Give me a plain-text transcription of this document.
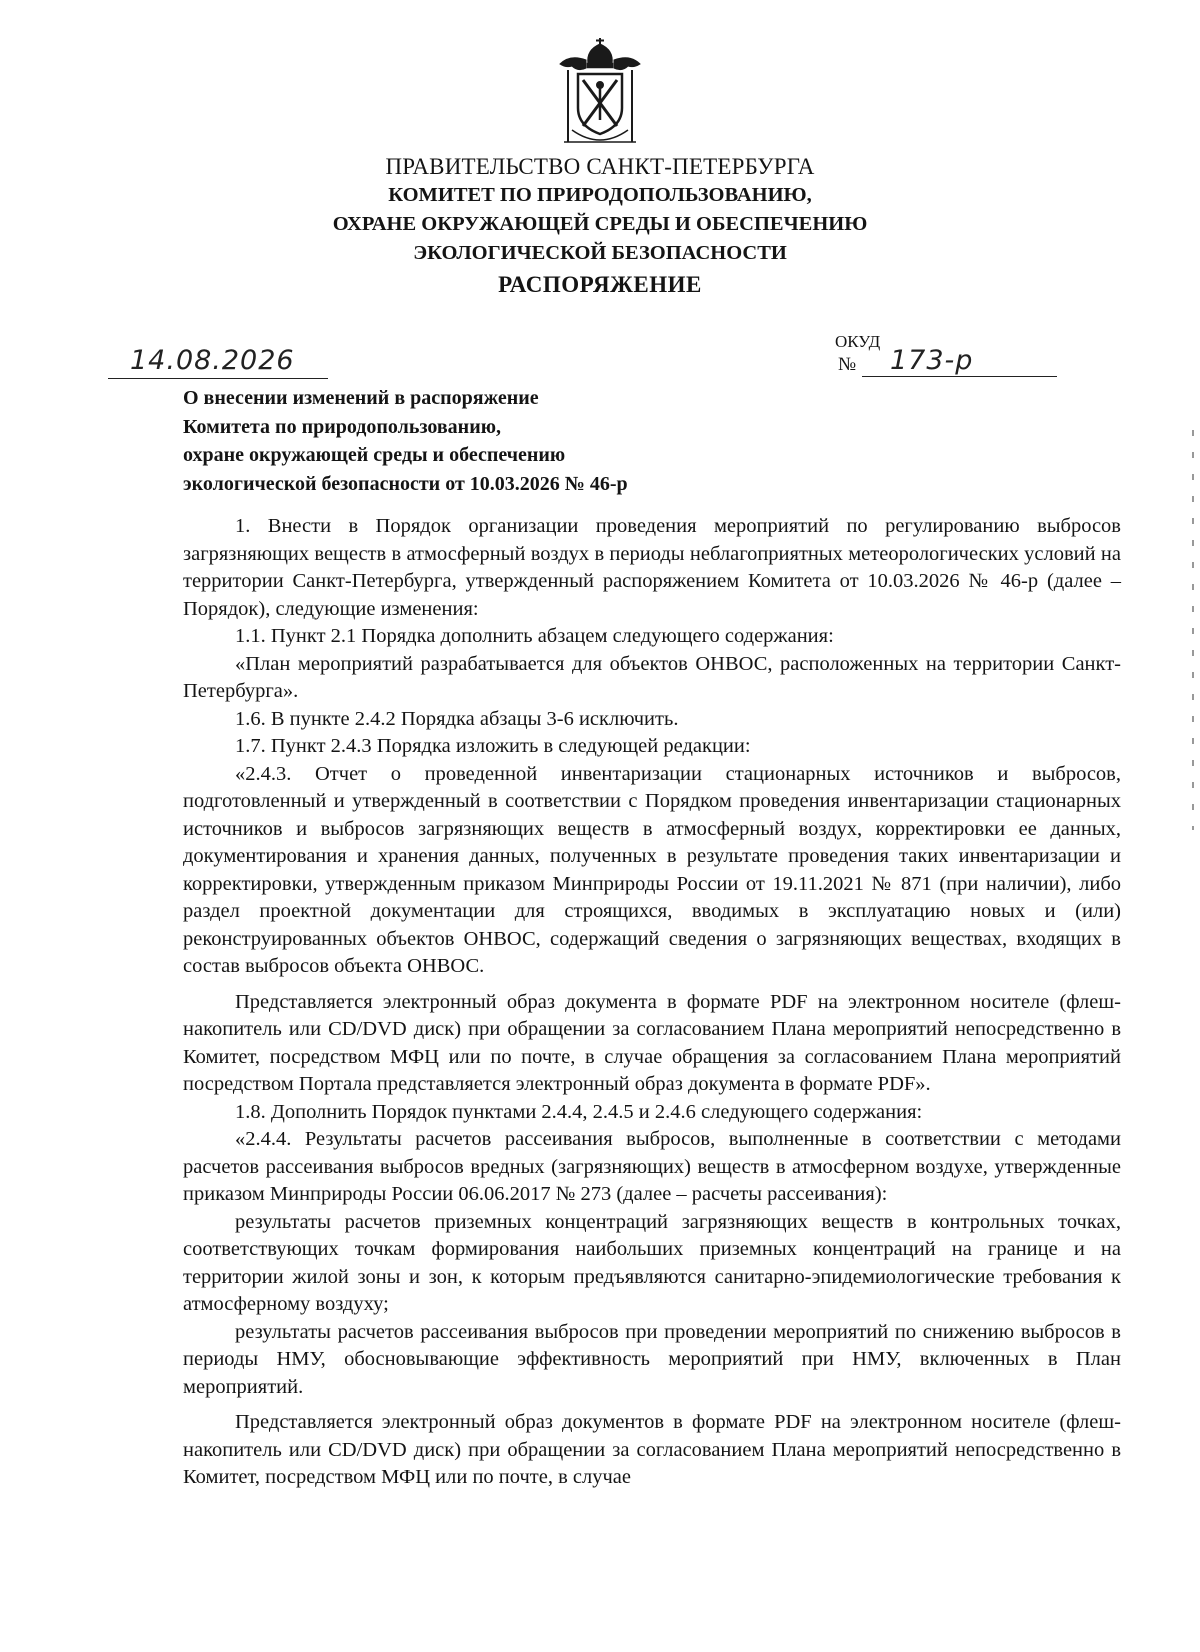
ПРАВИТЕЛЬСТВО САНКТ-ПЕТЕРБУРГА
КОМИТЕТ ПО ПРИРОДОПОЛЬЗОВАНИЮ,
ОХРАНЕ ОКРУЖАЮЩЕЙ СРЕДЫ И ОБЕСПЕЧЕНИЮ
ЭКОЛОГИЧЕСКОЙ БЕЗОПАСНОСТИ
РАСПОРЯЖЕНИЕ
14.08.2026
ОКУД
№ 173-р
О внесении изменений в распоряжение
Комитета по природопользованию,
охране окружающей среды и обеспечению
экологической безопасности от 10.03.2026 № 46-р

1. Внести в Порядок организации проведения мероприятий по регулированию выбросов загрязняющих веществ в атмосферный воздух в периоды неблагоприятных метеорологических условий на территории Санкт-Петербурга, утвержденный распоряжением Комитета от 10.03.2026 № 46-р (далее – Порядок), следующие изменения:

1.1. Пункт 2.1 Порядка дополнить абзацем следующего содержания:

«План мероприятий разрабатывается для объектов ОНВОС, расположенных на территории Санкт-Петербурга».

1.6. В пункте 2.4.2 Порядка абзацы 3-6 исключить.

1.7. Пункт 2.4.3 Порядка изложить в следующей редакции:

«2.4.3. Отчет о проведенной инвентаризации стационарных источников и выбросов, подготовленный и утвержденный в соответствии с Порядком проведения инвентаризации стационарных источников и выбросов загрязняющих веществ в атмосферный воздух, корректировки ее данных, документирования и хранения данных, полученных в результате проведения таких инвентаризации и корректировки, утвержденным приказом Минприроды России от 19.11.2021 № 871 (при наличии), либо раздел проектной документации для строящихся, вводимых в эксплуатацию новых и (или) реконструированных объектов ОНВОС, содержащий сведения о загрязняющих веществах, входящих в состав выбросов объекта ОНВОС.

Представляется электронный образ документа в формате PDF на электронном носителе (флеш-накопитель или CD/DVD диск) при обращении за согласованием Плана мероприятий непосредственно в Комитет, посредством МФЦ или по почте, в случае обращения за согласованием Плана мероприятий посредством Портала представляется электронный образ документа в формате PDF».

1.8. Дополнить Порядок пунктами 2.4.4, 2.4.5 и 2.4.6 следующего содержания:

«2.4.4. Результаты расчетов рассеивания выбросов, выполненные в соответствии с методами расчетов рассеивания выбросов вредных (загрязняющих) веществ в атмосферном воздухе, утвержденные приказом Минприроды России 06.06.2017 № 273 (далее – расчеты рассеивания):

результаты расчетов приземных концентраций загрязняющих веществ в контрольных точках, соответствующих точкам формирования наибольших приземных концентраций на границе и на территории жилой зоны и зон, к которым предъявляются санитарно-эпидемиологические требования к атмосферному воздуху;

результаты расчетов рассеивания выбросов при проведении мероприятий по снижению выбросов в периоды НМУ, обосновывающие эффективность мероприятий при НМУ, включенных в План мероприятий.

Представляется электронный образ документов в формате PDF на электронном носителе (флеш-накопитель или CD/DVD диск) при обращении за согласованием Плана мероприятий непосредственно в Комитет, посредством МФЦ или по почте, в случае
